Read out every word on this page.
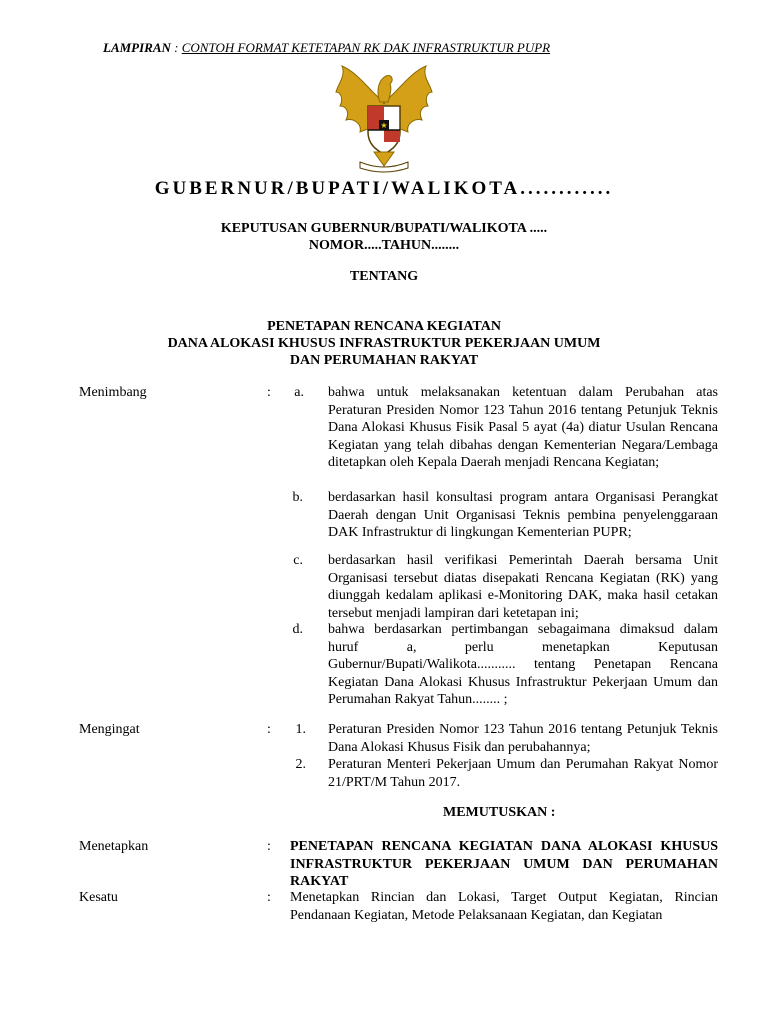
LAMPIRAN : CONTOH FORMAT KETETAPAN RK DAK INFRASTRUKTUR PUPR
★
GUBERNUR/BUPATI/WALIKOTA............
KEPUTUSAN GUBERNUR/BUPATI/WALIKOTA .....
NOMOR.....TAHUN........
TENTANG
PENETAPAN RENCANA KEGIATAN
DANA ALOKASI KHUSUS INFRASTRUKTUR PEKERJAAN UMUM
DAN PERUMAHAN RAKYAT
Menimbang	:	a. bahwa untuk melaksanakan ketentuan dalam Perubahan atas Peraturan Presiden Nomor 123 Tahun 2016 tentang Petunjuk Teknis Dana Alokasi Khusus Fisik Pasal 5 ayat (4a) diatur Usulan Rencana Kegiatan yang telah dibahas dengan Kementerian Negara/Lembaga ditetapkan oleh Kepala Daerah menjadi Rencana Kegiatan;
b. berdasarkan hasil konsultasi program antara Organisasi Perangkat Daerah dengan Unit Organisasi Teknis pembina penyelenggaraan DAK Infrastruktur di lingkungan Kementerian PUPR;
c. berdasarkan hasil verifikasi Pemerintah Daerah bersama Unit Organisasi tersebut diatas disepakati Rencana Kegiatan (RK) yang diunggah kedalam aplikasi e-Monitoring DAK, maka hasil cetakan tersebut menjadi lampiran dari ketetapan ini;
d. bahwa berdasarkan pertimbangan sebagaimana dimaksud dalam huruf a, perlu menetapkan Keputusan Gubernur/Bupati/Walikota........... tentang Penetapan Rencana Kegiatan Dana Alokasi Khusus Infrastruktur Pekerjaan Umum dan Perumahan Rakyat Tahun........ ;
Mengingat	:	1. Peraturan Presiden Nomor 123 Tahun 2016 tentang Petunjuk Teknis Dana Alokasi Khusus Fisik dan perubahannya;
2. Peraturan Menteri Pekerjaan Umum dan Perumahan Rakyat Nomor 21/PRT/M Tahun 2017.
MEMUTUSKAN :
Menetapkan	: PENETAPAN RENCANA KEGIATAN DANA ALOKASI KHUSUS INFRASTRUKTUR PEKERJAAN UMUM DAN PERUMAHAN RAKYAT
Kesatu	: Menetapkan Rincian dan Lokasi, Target Output Kegiatan, Rincian Pendanaan Kegiatan, Metode Pelaksanaan Kegiatan, dan Kegiatan
